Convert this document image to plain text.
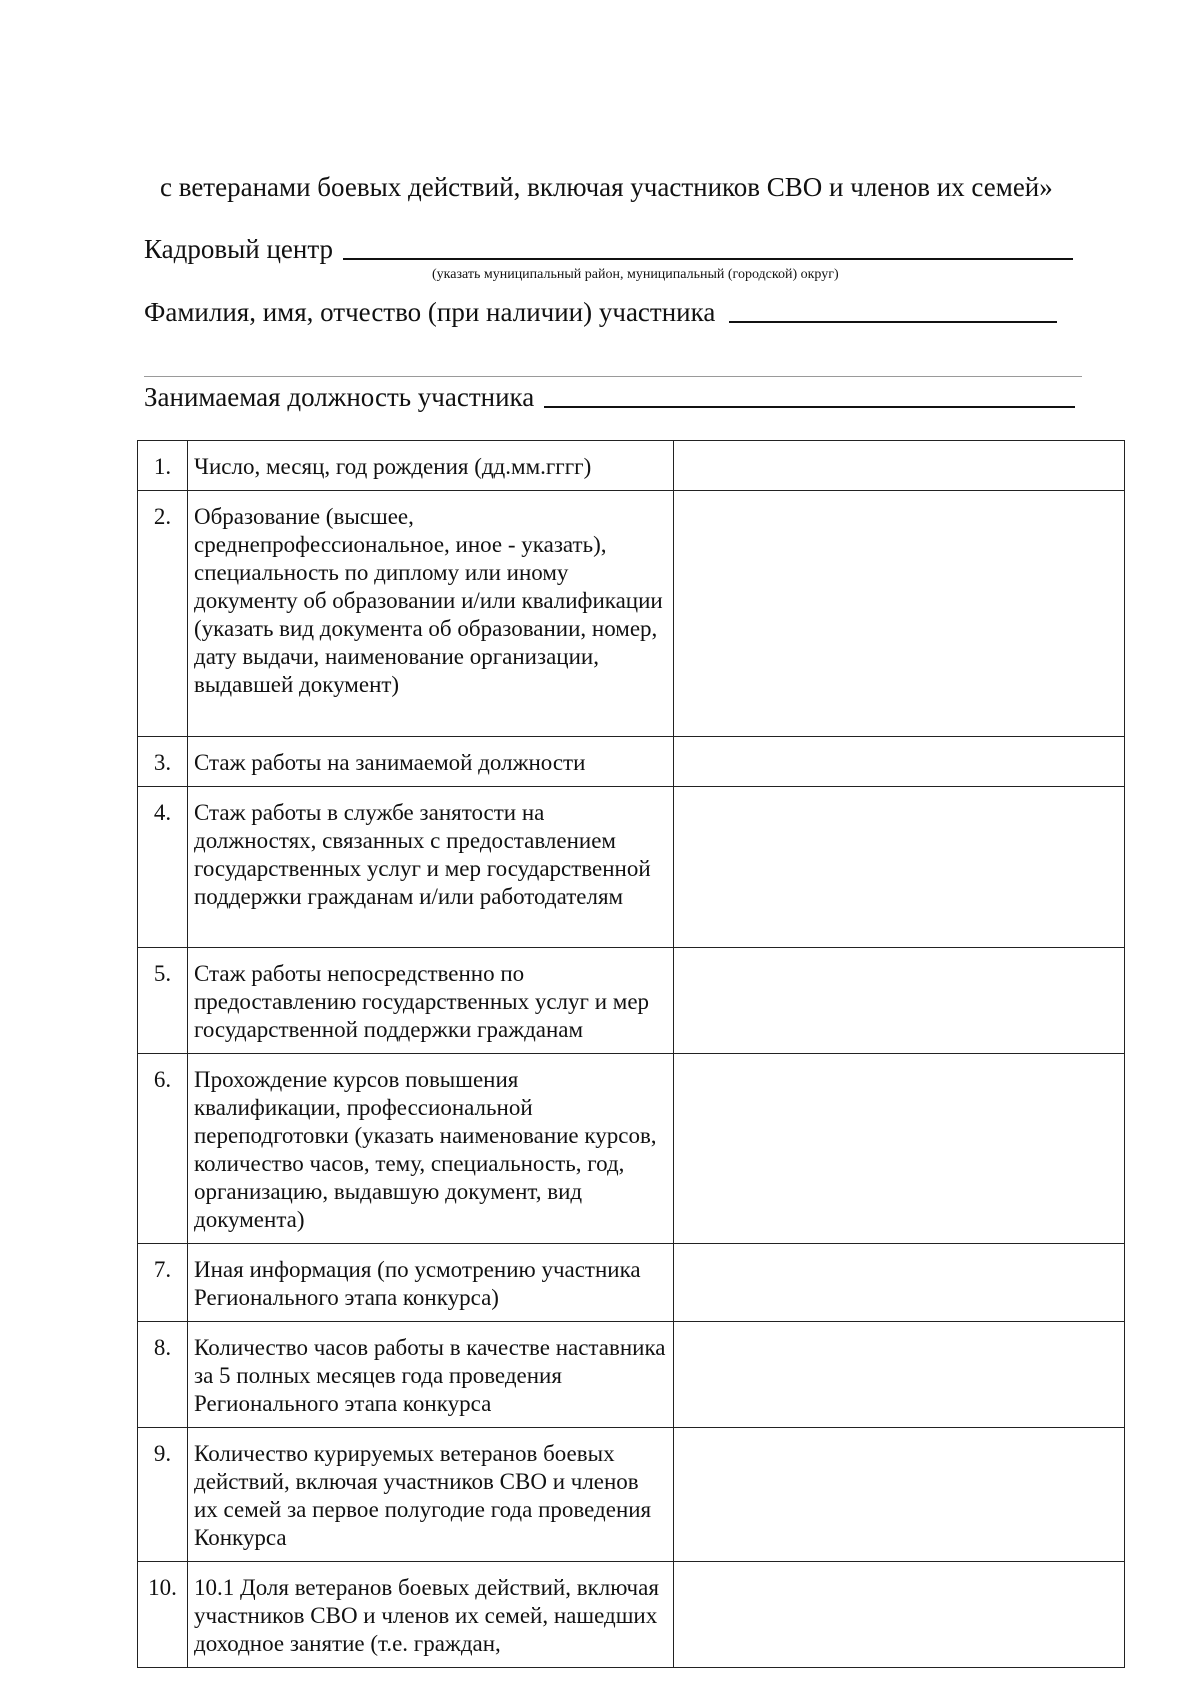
с ветеранами боевых действий, включая участников СВО и членов их семей»
Кадровый центр
(указать муниципальный район, муниципальный (городской) округ)
Фамилия, имя, отчество (при наличии) участника
Занимаемая должность участника
1.	Число, месяц, год рождения (дд.мм.гггг)	
2.	Образование (высшее, среднепрофессиональное, иное - указать), специальность по диплому или иному документу об образовании и/или квалификации (указать вид документа об образовании, номер, дату выдачи, наименование организации, выдавшей документ)	
3.	Стаж работы на занимаемой должности	
4.	Стаж работы в службе занятости на должностях, связанных с предоставлением государственных услуг и мер государственной поддержки гражданам и/или работодателям	
5.	Стаж работы непосредственно по предоставлению государственных услуг и мер государственной поддержки гражданам	
6.	Прохождение курсов повышения квалификации, профессиональной переподготовки (указать наименование курсов, количество часов, тему, специальность, год, организацию, выдавшую документ, вид документа)	
7.	Иная информация (по усмотрению участника Регионального этапа конкурса)	
8.	Количество часов работы в качестве наставника за 5 полных месяцев года проведения Регионального этапа конкурса	
9.	Количество курируемых ветеранов боевых действий, включая участников СВО и членов их семей за первое полугодие года проведения Конкурса	
10.	10.1 Доля ветеранов боевых действий, включая участников СВО и членов их семей, нашедших доходное занятие (т.е. граждан,	
